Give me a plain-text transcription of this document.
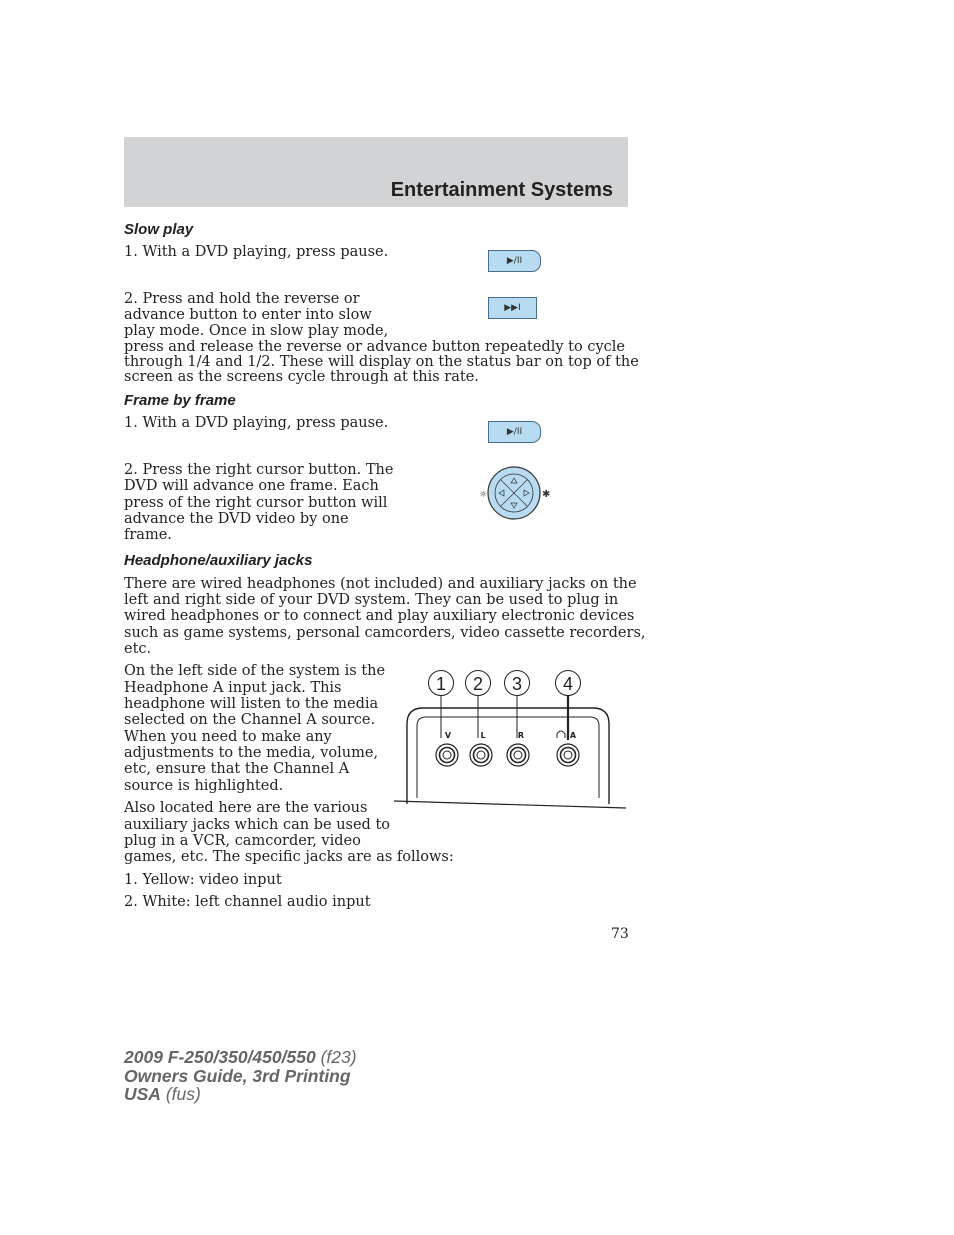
Entertainment Systems
Slow play

1. With a DVD playing, press pause.

▶/II

2. Press and hold the reverse or

advance button to enter into slow

play mode. Once in slow play mode,

press and release the reverse or advance button repeatedly to cycle

through 1/4 and 1/2. These will display on the status bar on top of the

screen as the screens cycle through at this rate.

▶▶I
Frame by frame

1. With a DVD playing, press pause.

▶/II

2. Press the right cursor button. The

DVD will advance one frame. Each

press of the right cursor button will

advance the DVD video by one

frame.

☼	✱
Headphone/auxiliary jacks

There are wired headphones (not included) and auxiliary jacks on the

left and right side of your DVD system. They can be used to plug in

wired headphones or to connect and play auxiliary electronic devices

such as game systems, personal camcorders, video cassette recorders,

etc.

On the left side of the system is the

Headphone A input jack. This

headphone will listen to the media

selected on the Channel A source.

When you need to make any

adjustments to the media, volume,

etc, ensure that the Channel A

source is highlighted.

Also located here are the various

auxiliary jacks which can be used to

plug in a VCR, camcorder, video

games, etc. The specific jacks are as follows:

1. Yellow: video input

2. White: left channel audio input

1 2 3 4
V	L	R	A

73

2009 F-250/350/450/550 (f23)
Owners Guide, 3rd Printing
USA (fus)
